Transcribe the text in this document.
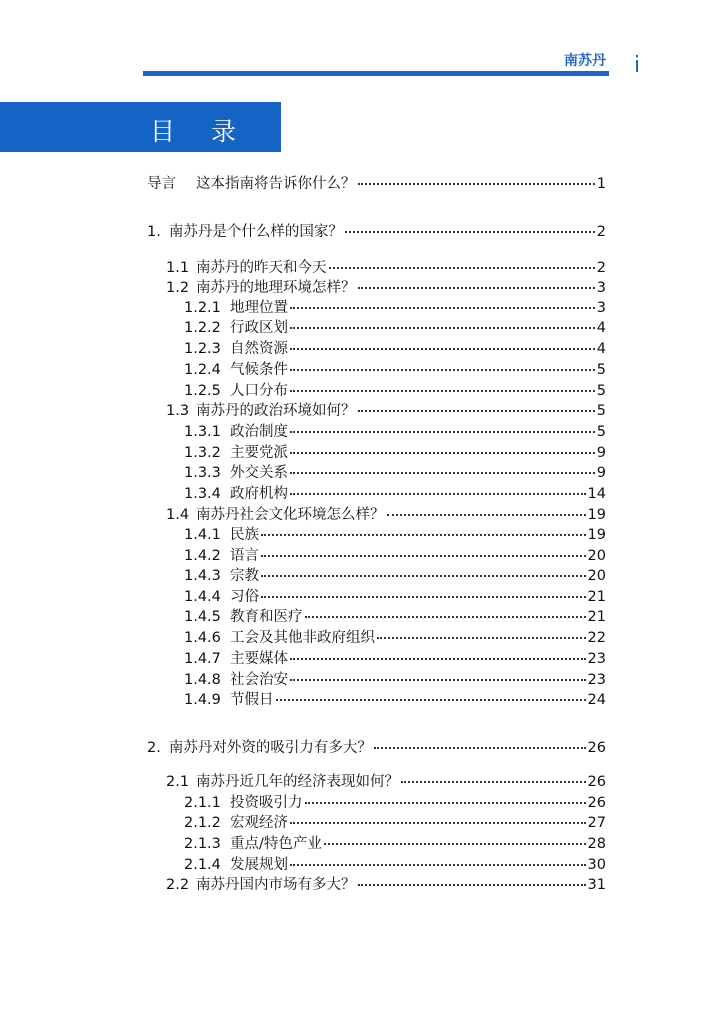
南苏丹 i
目 录
导言 这本指南将告诉你什么？	1
1. 南苏丹是个什么样的国家？	2
1.1 南苏丹的昨天和今天	2
1.2 南苏丹的地理环境怎样？	3
1.2.1 地理位置	3
1.2.2 行政区划	4
1.2.3 自然资源	4
1.2.4 气候条件	5
1.2.5 人口分布	5
1.3 南苏丹的政治环境如何？	5
1.3.1 政治制度	5
1.3.2 主要党派	9
1.3.3 外交关系	9
1.3.4 政府机构	14
1.4 南苏丹社会文化环境怎么样？	19
1.4.1 民族	19
1.4.2 语言	20
1.4.3 宗教	20
1.4.4 习俗	21
1.4.5 教育和医疗	21
1.4.6 工会及其他非政府组织	22
1.4.7 主要媒体	23
1.4.8 社会治安	23
1.4.9 节假日	24
2. 南苏丹对外资的吸引力有多大？	26
2.1 南苏丹近几年的经济表现如何？	26
2.1.1 投资吸引力	26
2.1.2 宏观经济	27
2.1.3 重点/特色产业	28
2.1.4 发展规划	30
2.2 南苏丹国内市场有多大？	31
